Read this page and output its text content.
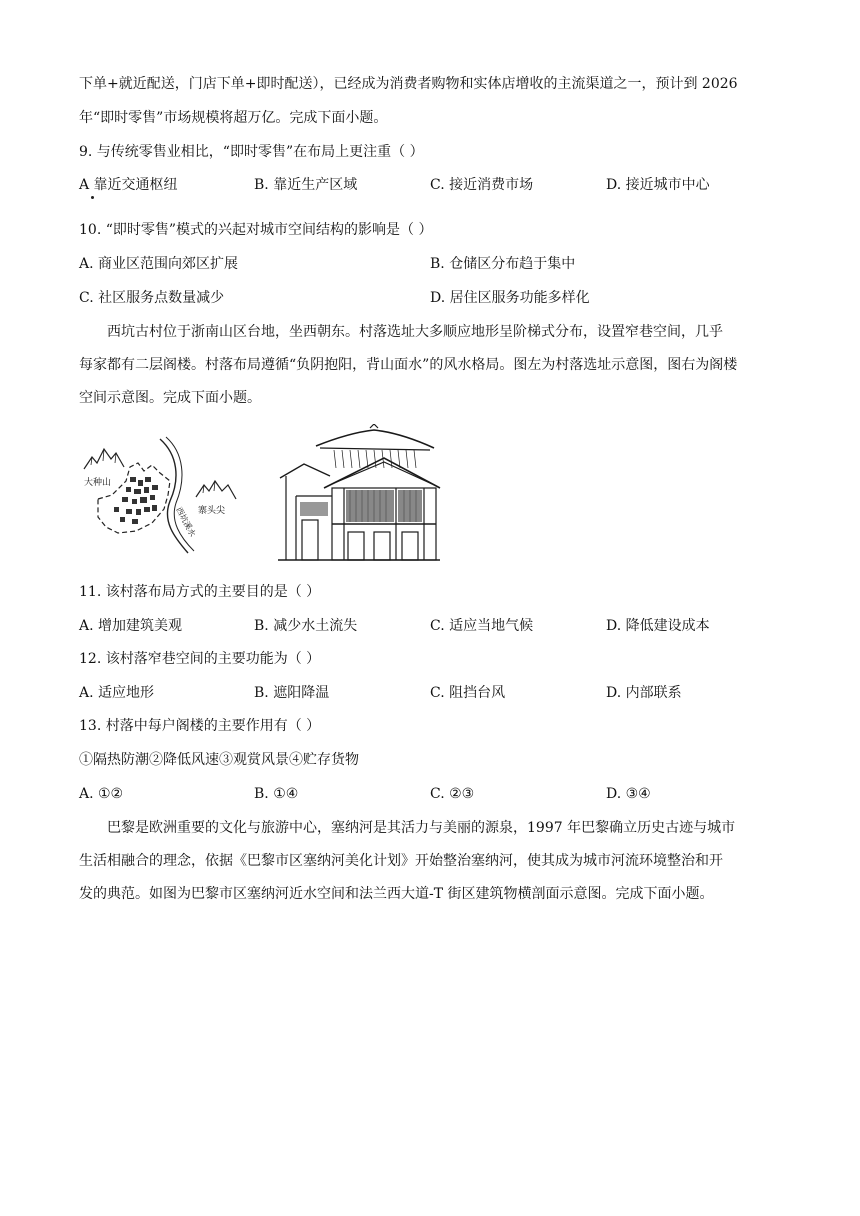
下单+就近配送，门店下单+即时配送），已经成为消费者购物和实体店增收的主流渠道之一，预计到 2026
年“即时零售”市场规模将超万亿。完成下面小题。
9. 与传统零售业相比，“即时零售”在布局上更注重（ ）
A 靠近交通枢纽	B. 靠近生产区域	C. 接近消费市场	D. 接近城市中心
10. “即时零售”模式的兴起对城市空间结构的影响是（ ）
A. 商业区范围向郊区扩展	B. 仓储区分布趋于集中
C. 社区服务点数量减少	D. 居住区服务功能多样化
西坑古村位于浙南山区台地，坐西朝东。村落选址大多顺应地形呈阶梯式分布，设置窄巷空间，几乎
每家都有二层阁楼。村落布局遵循“负阴抱阳，背山面水”的风水格局。图左为村落选址示意图，图右为阁楼
空间示意图。完成下面小题。
大种山
寨头尖
西坑溪水
11. 该村落布局方式的主要目的是（ ）
A. 增加建筑美观	B. 减少水土流失	C. 适应当地气候	D. 降低建设成本
12. 该村落窄巷空间的主要功能为（ ）
A. 适应地形	B. 遮阳降温	C. 阻挡台风	D. 内部联系
13. 村落中每户阁楼的主要作用有（ ）
①隔热防潮②降低风速③观赏风景④贮存货物
A. ①②	B. ①④	C. ②③	D. ③④
巴黎是欧洲重要的文化与旅游中心，塞纳河是其活力与美丽的源泉，1997 年巴黎确立历史古迹与城市
生活相融合的理念，依据《巴黎市区塞纳河美化计划》开始整治塞纳河，使其成为城市河流环境整治和开
发的典范。如图为巴黎市区塞纳河近水空间和法兰西大道-T 街区建筑物横剖面示意图。完成下面小题。
